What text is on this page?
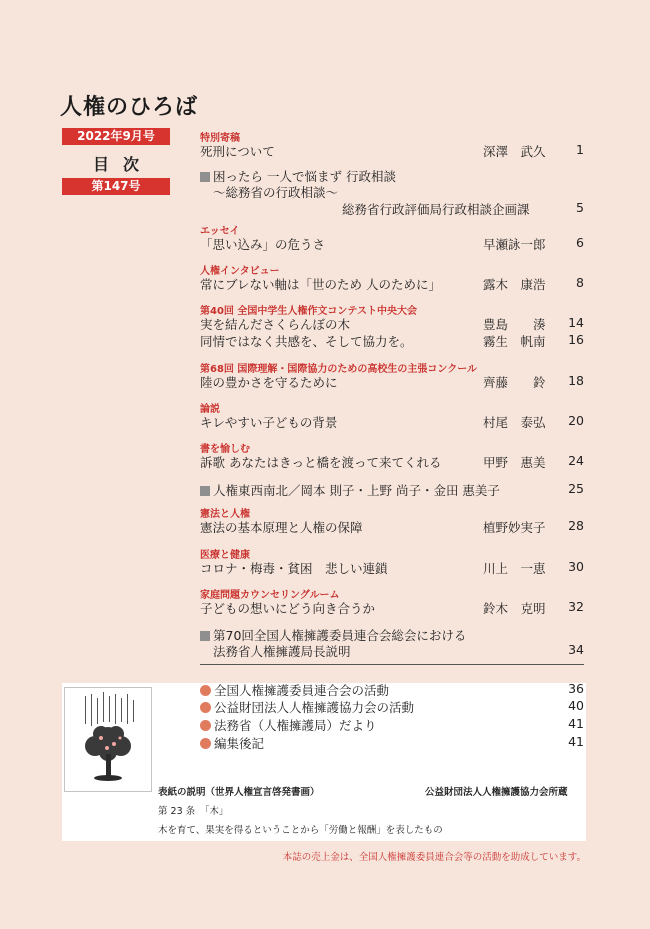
人権のひろば
2022年9月号
目次
第147号
特別寄稿
死刑について	深澤　武久	1
困ったら 一人で悩まず 行政相談
～総務省の行政相談～
総務省行政評価局行政相談企画課	5
エッセイ
「思い込み」の危うさ	早瀬詠一郎	6
人権インタビュー
常にブレない軸は「世のため 人のために」	露木　康浩	8
第40回 全国中学生人権作文コンテスト中央大会
実を結んださくらんぼの木	豊島　　湊	14
同情ではなく共感を、そして協力を。	霧生　帆南	16
第68回 国際理解・国際協力のための高校生の主張コンクール
陸の豊かさを守るために	齊藤　　鈴	18
論説
キレやすい子どもの背景	村尾　泰弘	20
書を愉しむ
訴歌 あなたはきっと橋を渡って来てくれる	甲野　惠美	24
人権東西南北／岡本 則子・上野 尚子・金田 惠美子	25
憲法と人権
憲法の基本原理と人権の保障	植野妙実子	28
医療と健康
コロナ・梅毒・貧困　悲しい連鎖	川上　一恵	30
家庭問題カウンセリングルーム
子どもの想いにどう向き合うか	鈴木　克明	32
第70回全国人権擁護委員連合会総会における
法務省人権擁護局長説明	34
全国人権擁護委員連合会の活動	36
公益財団法人人権擁護協力会の活動	40
法務省（人権擁護局）だより	41
編集後記	41
表紙の説明（世界人権宣言啓発書画）	公益財団法人人権擁護協力会所蔵
第 23 条　「木」
木を育て、果実を得るということから「労働と報酬」を表したもの
本誌の売上金は、全国人権擁護委員連合会等の活動を助成しています。
